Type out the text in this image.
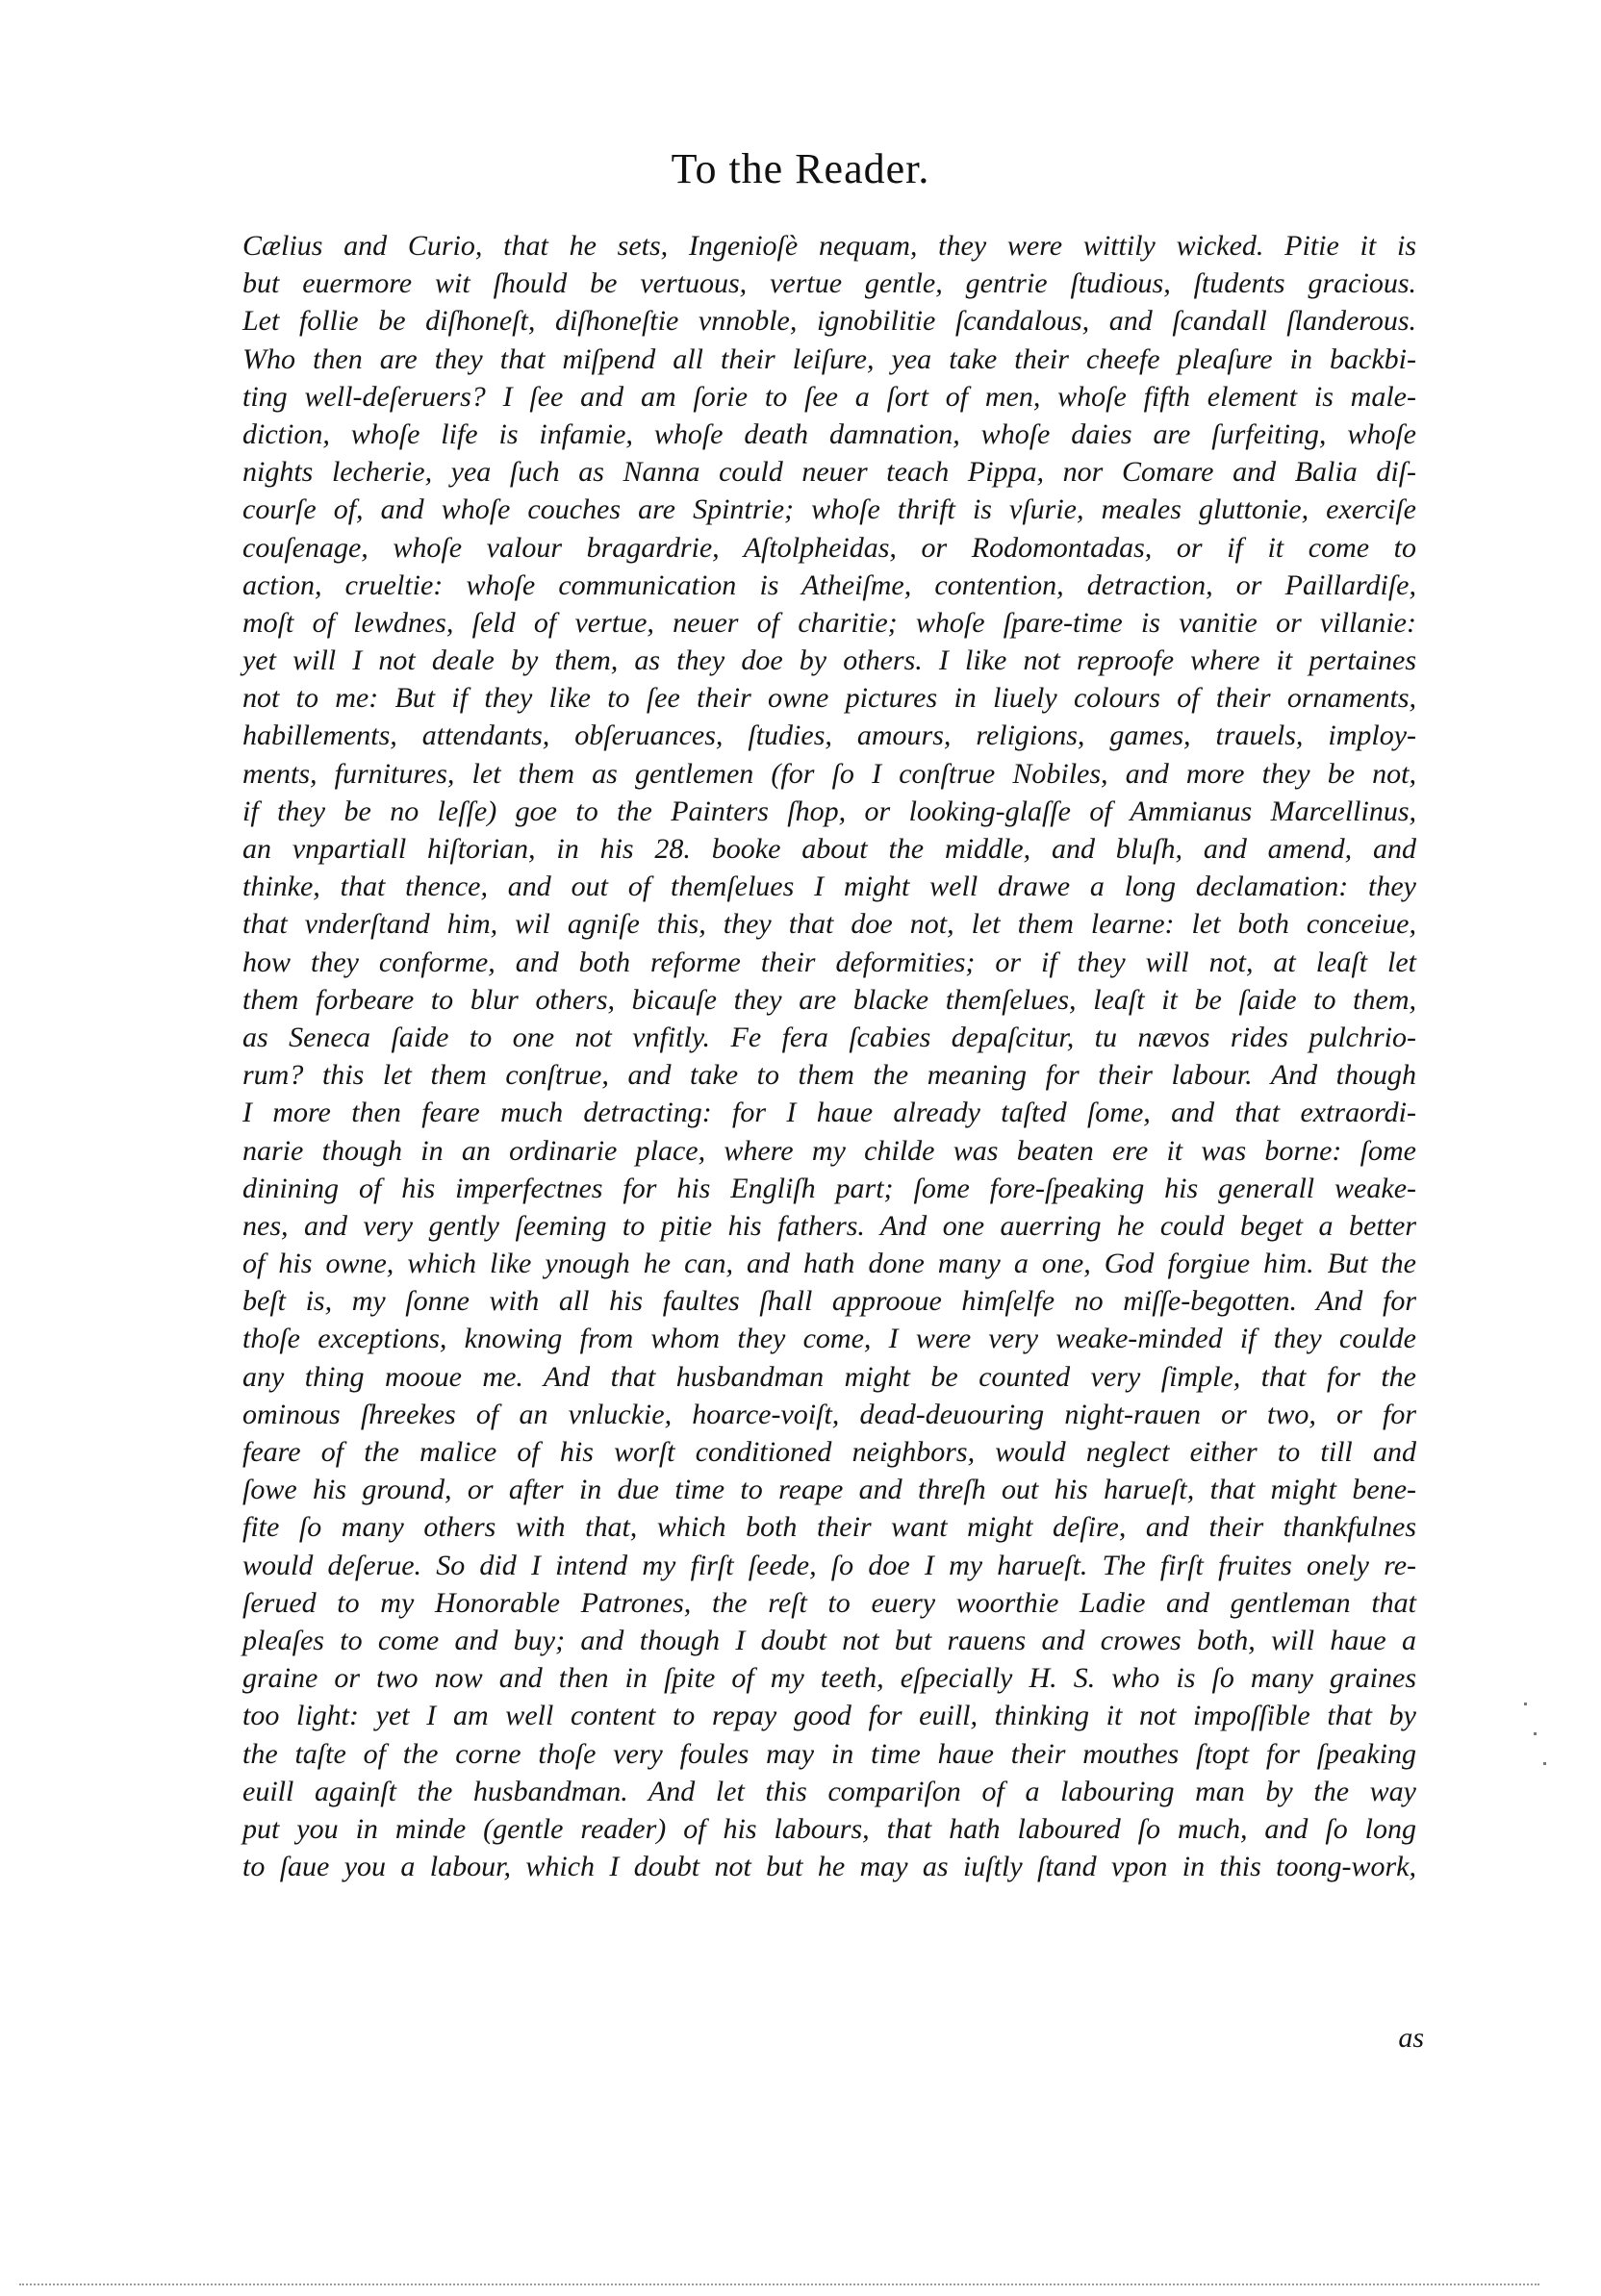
To the Reader.
Cælius and Curio, that he sets, Ingenioſè nequam, they were wittily wicked. Pitie it is
but euermore wit ſhould be vertuous, vertue gentle, gentrie ſtudious, ſtudents gracious.
Let follie be diſhoneſt, diſhoneſtie vnnoble, ignobilitie ſcandalous, and ſcandall ſlanderous.
Who then are they that miſpend all their leiſure, yea take their cheefe pleaſure in backbi-
ting well-deſeruers? I ſee and am ſorie to ſee a ſort of men, whoſe fifth element is male-
diction, whoſe life is infamie, whoſe death damnation, whoſe daies are ſurfeiting, whoſe
nights lecherie, yea ſuch as Nanna could neuer teach Pippa, nor Comare and Balia diſ-
courſe of, and whoſe couches are Spintrie; whoſe thrift is vſurie, meales gluttonie, exerciſe
couſenage, whoſe valour bragardrie, Aſtolpheidas, or Rodomontadas, or if it come to
action, crueltie: whoſe communication is Atheiſme, contention, detraction, or Paillardiſe,
moſt of lewdnes, ſeld of vertue, neuer of charitie; whoſe ſpare-time is vanitie or villanie:
yet will I not deale by them, as they doe by others. I like not reproofe where it pertaines
not to me: But if they like to ſee their owne pictures in liuely colours of their ornaments,
habillements, attendants, obſeruances, ſtudies, amours, religions, games, trauels, imploy-
ments, furnitures, let them as gentlemen (for ſo I conſtrue Nobiles, and more they be not,
if they be no leſſe) goe to the Painters ſhop, or looking-glaſſe of Ammianus Marcellinus,
an vnpartiall hiſtorian, in his 28. booke about the middle, and bluſh, and amend, and
thinke, that thence, and out of themſelues I might well drawe a long declamation: they
that vnderſtand him, wil agniſe this, they that doe not, let them learne: let both conceiue,
how they conforme, and both reforme their deformities; or if they will not, at leaſt let
them forbeare to blur others, bicauſe they are blacke themſelues, leaſt it be ſaide to them,
as Seneca ſaide to one not vnfitly. Fe fera ſcabies depaſcitur, tu nævos rides pulchrio-
rum? this let them conſtrue, and take to them the meaning for their labour. And though
I more then feare much detracting: for I haue already taſted ſome, and that extraordi-
narie though in an ordinarie place, where my childe was beaten ere it was borne: ſome
dinining of his imperfectnes for his Engliſh part; ſome fore-ſpeaking his generall weake-
nes, and very gently ſeeming to pitie his fathers. And one auerring he could beget a better
of his owne, which like ynough he can, and hath done many a one, God forgiue him. But the
beſt is, my ſonne with all his faultes ſhall approoue himſelfe no miſſe-begotten. And for
thoſe exceptions, knowing from whom they come, I were very weake-minded if they coulde
any thing mooue me. And that husbandman might be counted very ſimple, that for the
ominous ſhreekes of an vnluckie, hoarce-voiſt, dead-deuouring night-rauen or two, or for
feare of the malice of his worſt conditioned neighbors, would neglect either to till and
ſowe his ground, or after in due time to reape and threſh out his harueſt, that might bene-
fite ſo many others with that, which both their want might deſire, and their thankfulnes
would deſerue. So did I intend my firſt ſeede, ſo doe I my harueſt. The firſt fruites onely re-
ſerued to my Honorable Patrones, the reſt to euery woorthie Ladie and gentleman that
pleaſes to come and buy; and though I doubt not but rauens and crowes both, will haue a
graine or two now and then in ſpite of my teeth, eſpecially H. S. who is ſo many graines
too light: yet I am well content to repay good for euill, thinking it not impoſſible that by
the taſte of the corne thoſe very foules may in time haue their mouthes ſtopt for ſpeaking
euill againſt the husbandman. And let this compariſon of a labouring man by the way
put you in minde (gentle reader) of his labours, that hath laboured ſo much, and ſo long
to ſaue you a labour, which I doubt not but he may as iuſtly ſtand vpon in this toong-work,
as
